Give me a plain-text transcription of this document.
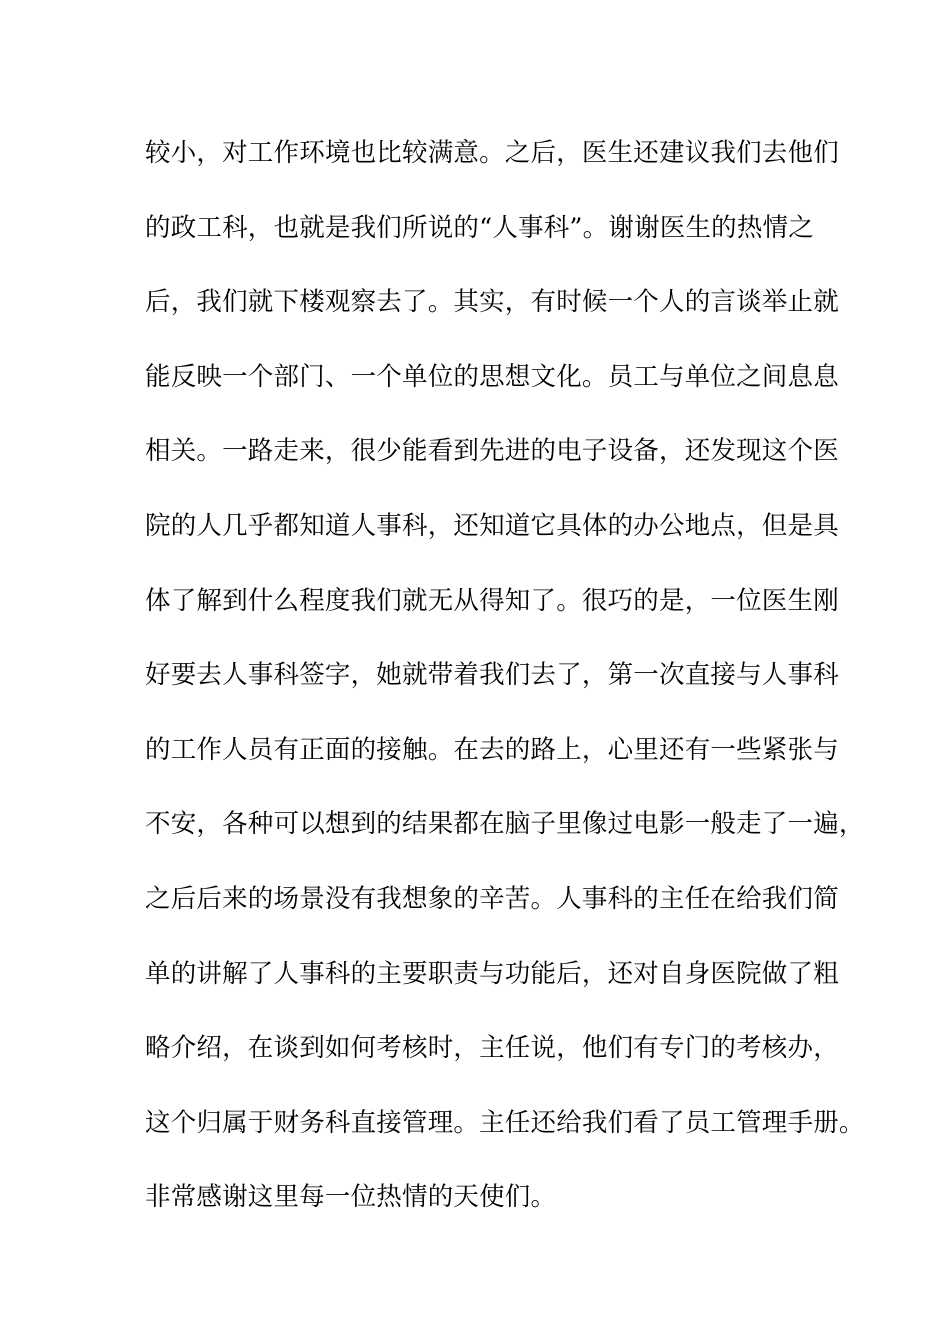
较小，对工作环境也比较满意。之后，医生还建议我们去他们
的政工科，也就是我们所说的“人事科”。谢谢医生的热情之
后，我们就下楼观察去了。其实，有时候一个人的言谈举止就
能反映一个部门、一个单位的思想文化。员工与单位之间息息
相关。一路走来，很少能看到先进的电子设备，还发现这个医
院的人几乎都知道人事科，还知道它具体的办公地点，但是具
体了解到什么程度我们就无从得知了。很巧的是，一位医生刚
好要去人事科签字，她就带着我们去了，第一次直接与人事科
的工作人员有正面的接触。在去的路上，心里还有一些紧张与
不安，各种可以想到的结果都在脑子里像过电影一般走了一遍，
之后后来的场景没有我想象的辛苦。人事科的主任在给我们简
单的讲解了人事科的主要职责与功能后，还对自身医院做了粗
略介绍，在谈到如何考核时，主任说，他们有专门的考核办，
这个归属于财务科直接管理。主任还给我们看了员工管理手册。
非常感谢这里每一位热情的天使们。
